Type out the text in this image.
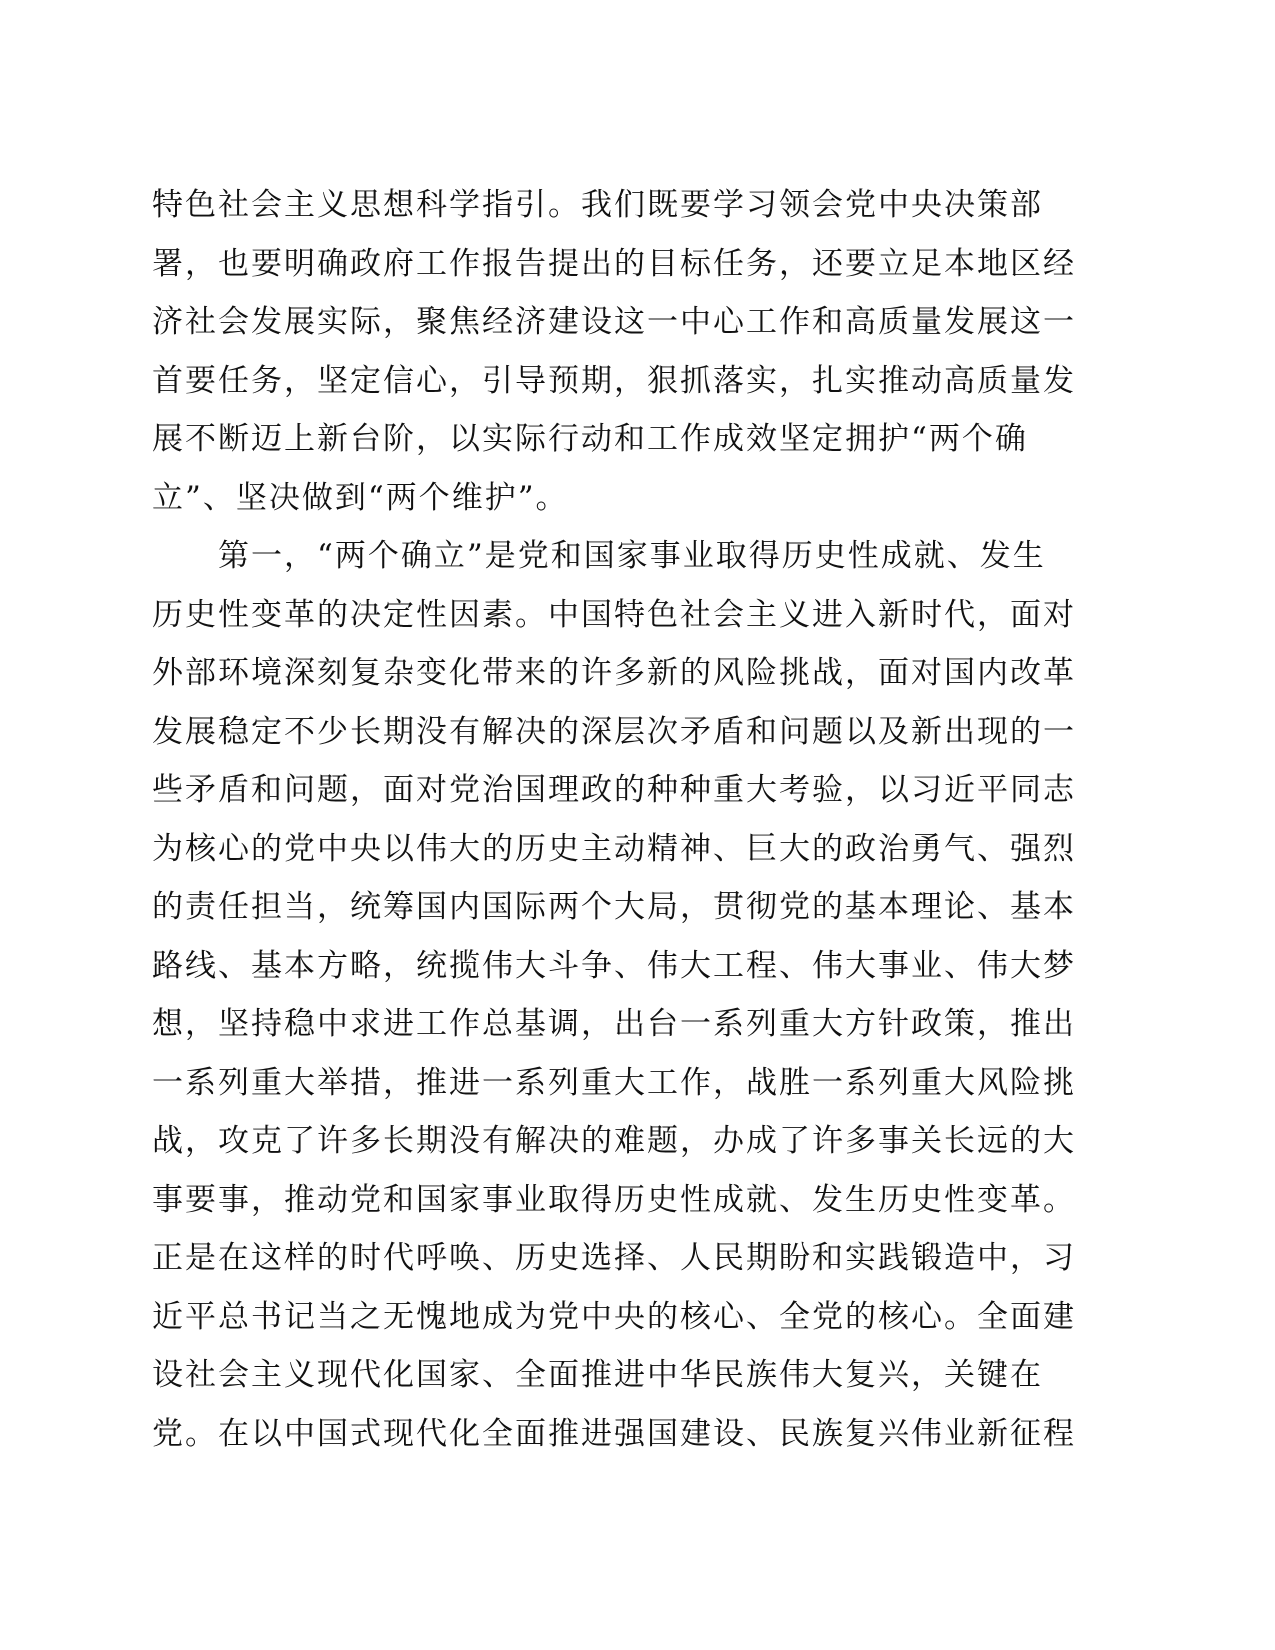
特色社会主义思想科学指引。我们既要学习领会党中央决策部
署，也要明确政府工作报告提出的目标任务，还要立足本地区经
济社会发展实际，聚焦经济建设这一中心工作和高质量发展这一
首要任务，坚定信心，引导预期，狠抓落实，扎实推动高质量发
展不断迈上新台阶，以实际行动和工作成效坚定拥护“两个确
立”、坚决做到“两个维护”。
　　第一，“两个确立”是党和国家事业取得历史性成就、发生
历史性变革的决定性因素。中国特色社会主义进入新时代，面对
外部环境深刻复杂变化带来的许多新的风险挑战，面对国内改革
发展稳定不少长期没有解决的深层次矛盾和问题以及新出现的一
些矛盾和问题，面对党治国理政的种种重大考验，以习近平同志
为核心的党中央以伟大的历史主动精神、巨大的政治勇气、强烈
的责任担当，统筹国内国际两个大局，贯彻党的基本理论、基本
路线、基本方略，统揽伟大斗争、伟大工程、伟大事业、伟大梦
想，坚持稳中求进工作总基调，出台一系列重大方针政策，推出
一系列重大举措，推进一系列重大工作，战胜一系列重大风险挑
战，攻克了许多长期没有解决的难题，办成了许多事关长远的大
事要事，推动党和国家事业取得历史性成就、发生历史性变革。
正是在这样的时代呼唤、历史选择、人民期盼和实践锻造中，习
近平总书记当之无愧地成为党中央的核心、全党的核心。全面建
设社会主义现代化国家、全面推进中华民族伟大复兴，关键在
党。在以中国式现代化全面推进强国建设、民族复兴伟业新征程
